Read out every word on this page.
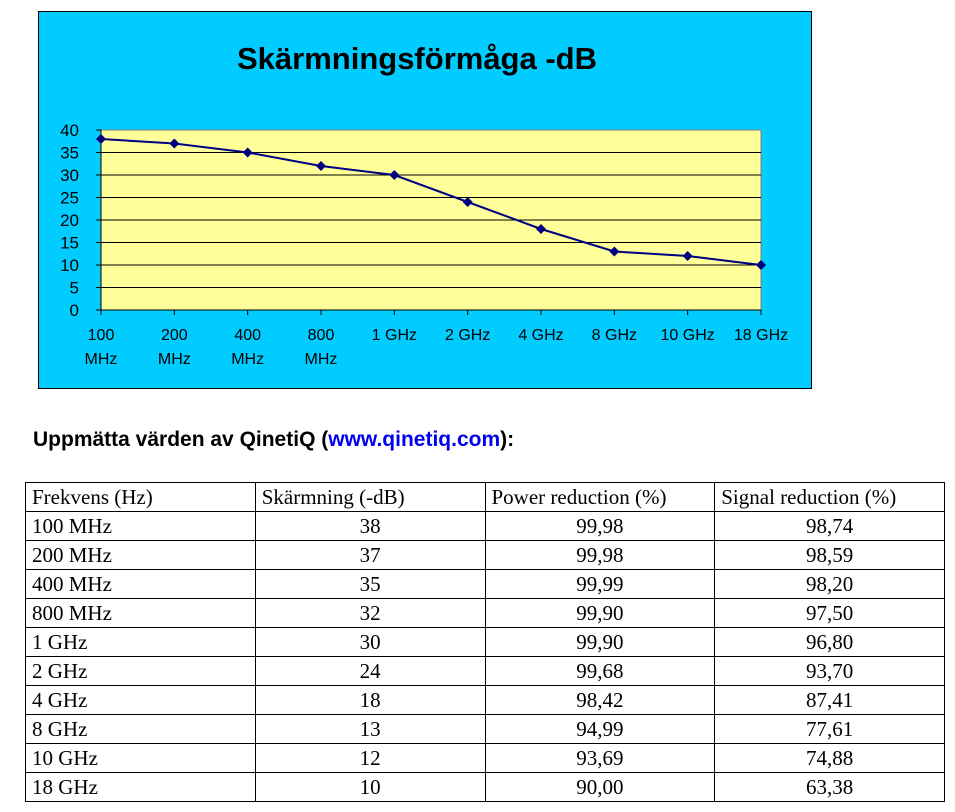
Skärmningsförmåga -dB
0
5
10
15
20
25
30
35
40
100 MHz
200 MHz
400 MHz
800 MHz
1 GHz 2 GHz 4 GHz 8 GHz 10 GHz 18 GHz

Uppmätta värden av QinetiQ (www.qinetiq.com):

Frekvens (Hz)	Skärmning (-dB)	Power reduction (%)	Signal reduction (%)
100 MHz	38	99,98	98,74
200 MHz	37	99,98	98,59
400 MHz	35	99,99	98,20
800 MHz	32	99,90	97,50
1 GHz	30	99,90	96,80
2 GHz	24	99,68	93,70
4 GHz	18	98,42	87,41
8 GHz	13	94,99	77,61
10 GHz	12	93,69	74,88
18 GHz	10	90,00	63,38
